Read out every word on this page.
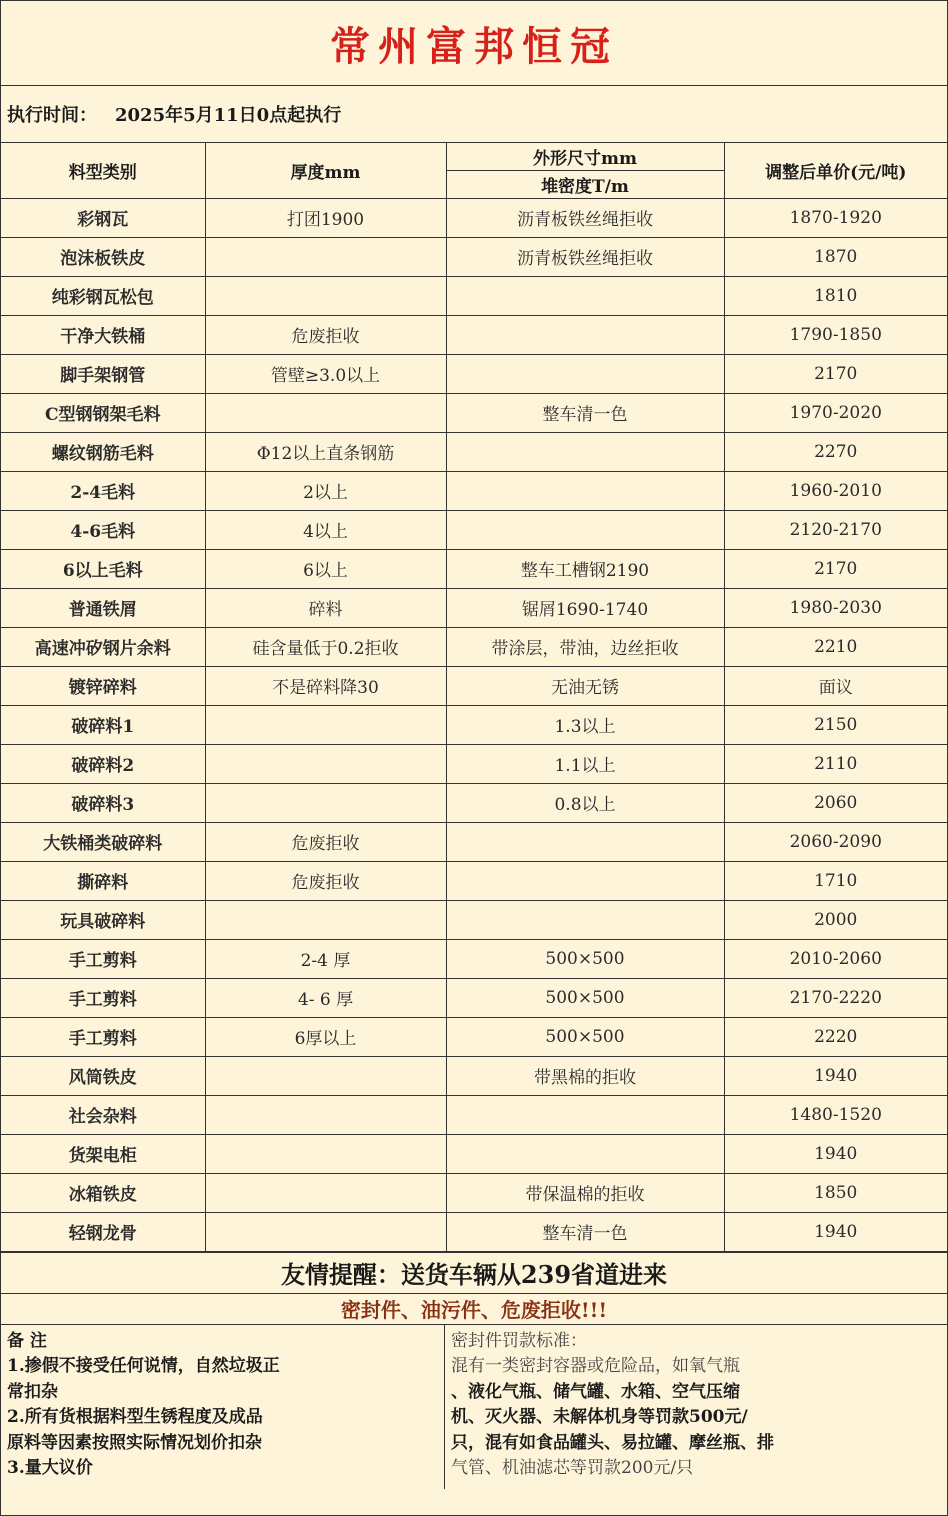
常州富邦恒冠
执行时间： 2025年5月11日0点起执行
料型类别	厚度mm	外形尺寸mm	调整后单价(元/吨)
		堆密度T/m	
彩钢瓦	打团1900	沥青板铁丝绳拒收	1870-1920
泡沫板铁皮		沥青板铁丝绳拒收	1870
纯彩钢瓦松包			1810
干净大铁桶	危废拒收		1790-1850
脚手架钢管	管壁≥3.0以上		2170
C型钢钢架毛料		整车清一色	1970-2020
螺纹钢筋毛料	Φ12以上直条钢筋		2270
2-4毛料	2以上		1960-2010
4-6毛料	4以上		2120-2170
6以上毛料	6以上	整车工槽钢2190	2170
普通铁屑	碎料	锯屑1690-1740	1980-2030
高速冲矽钢片余料	硅含量低于0.2拒收	带涂层，带油，边丝拒收	2210
镀锌碎料	不是碎料降30	无油无锈	面议
破碎料1		1.3以上	2150
破碎料2		1.1以上	2110
破碎料3		0.8以上	2060
大铁桶类破碎料	危废拒收		2060-2090
撕碎料	危废拒收		1710
玩具破碎料			2000
手工剪料	2-4 厚	500×500	2010-2060
手工剪料	4- 6 厚	500×500	2170-2220
手工剪料	6厚以上	500×500	2220
风筒铁皮		带黑棉的拒收	1940
社会杂料			1480-1520
货架电柜			1940
冰箱铁皮		带保温棉的拒收	1850
轻钢龙骨		整车清一色	1940
友情提醒：送货车辆从239省道进来
密封件、油污件、危废拒收!!!
备 注
1.掺假不接受任何说情，自然垃圾正
常扣杂
2.所有货根据料型生锈程度及成品
原料等因素按照实际情况划价扣杂
3.量大议价
密封件罚款标准：
混有一类密封容器或危险品，如氧气瓶
、液化气瓶、储气罐、水箱、空气压缩
机、灭火器、未解体机身等罚款500元/
只，混有如食品罐头、易拉罐、摩丝瓶、排
气管、机油滤芯等罚款200元/只
